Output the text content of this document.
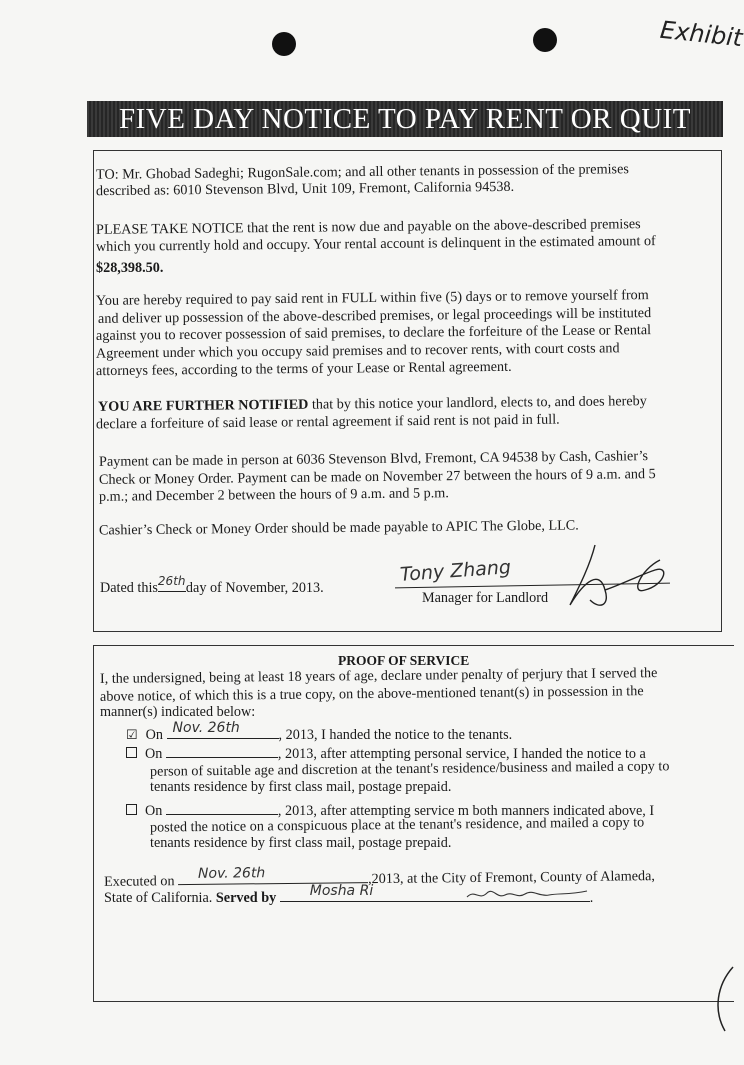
Exhibit
FIVE DAY NOTICE TO PAY RENT OR QUIT

TO: Mr. Ghobad Sadeghi; RugonSale.com; and all other tenants in possession of the premises

described as: 6010 Stevenson Blvd, Unit 109, Fremont, California 94538.

PLEASE TAKE NOTICE that the rent is now due and payable on the above-described premises

which you currently hold and occupy. Your rental account is delinquent in the estimated amount of

$28,398.50.

You are hereby required to pay said rent in FULL within five (5) days or to remove yourself from

and deliver up possession of the above-described premises, or legal proceedings will be instituted

against you to recover possession of said premises, to declare the forfeiture of the Lease or Rental

Agreement under which you occupy said premises and to recover rents, with court costs and

attorneys fees, according to the terms of your Lease or Rental agreement.

YOU ARE FURTHER NOTIFIED that by this notice your landlord, elects to, and does hereby

declare a forfeiture of said lease or rental agreement if said rent is not paid in full.

Payment can be made in person at 6036 Stevenson Blvd, Fremont, CA 94538 by Cash, Cashier’s

Check or Money Order. Payment can be made on November 27 between the hours of 9 a.m. and 5

p.m.; and December 2 between the hours of 9 a.m. and 5 p.m.

Cashier’s Check or Money Order should be made payable to APIC The Globe, LLC.

Dated this 26th day of November, 2013.

Tony Zhang

Manager for Landlord

PROOF OF SERVICE

I, the undersigned, being at least 18 years of age, declare under penalty of perjury that I served the

above notice, of which this is a true copy, on the above-mentioned tenant(s) in possession in the

manner(s) indicated below:

☑ On Nov. 26th	, 2013, I handed the notice to the tenants.

On	, 2013, after attempting personal service, I handed the notice to a

person of suitable age and discretion at the tenant's residence/business and mailed a copy to

tenants residence by first class mail, postage prepaid.

On	, 2013, after attempting service m both manners indicated above, I

posted the notice on a conspicuous place at the tenant's residence, and mailed a copy to

tenants residence by first class mail, postage prepaid.

Executed on Nov. 26th	,2013, at the City of Fremont, County of Alameda,

State of California. Served by Mosha Ri	.
